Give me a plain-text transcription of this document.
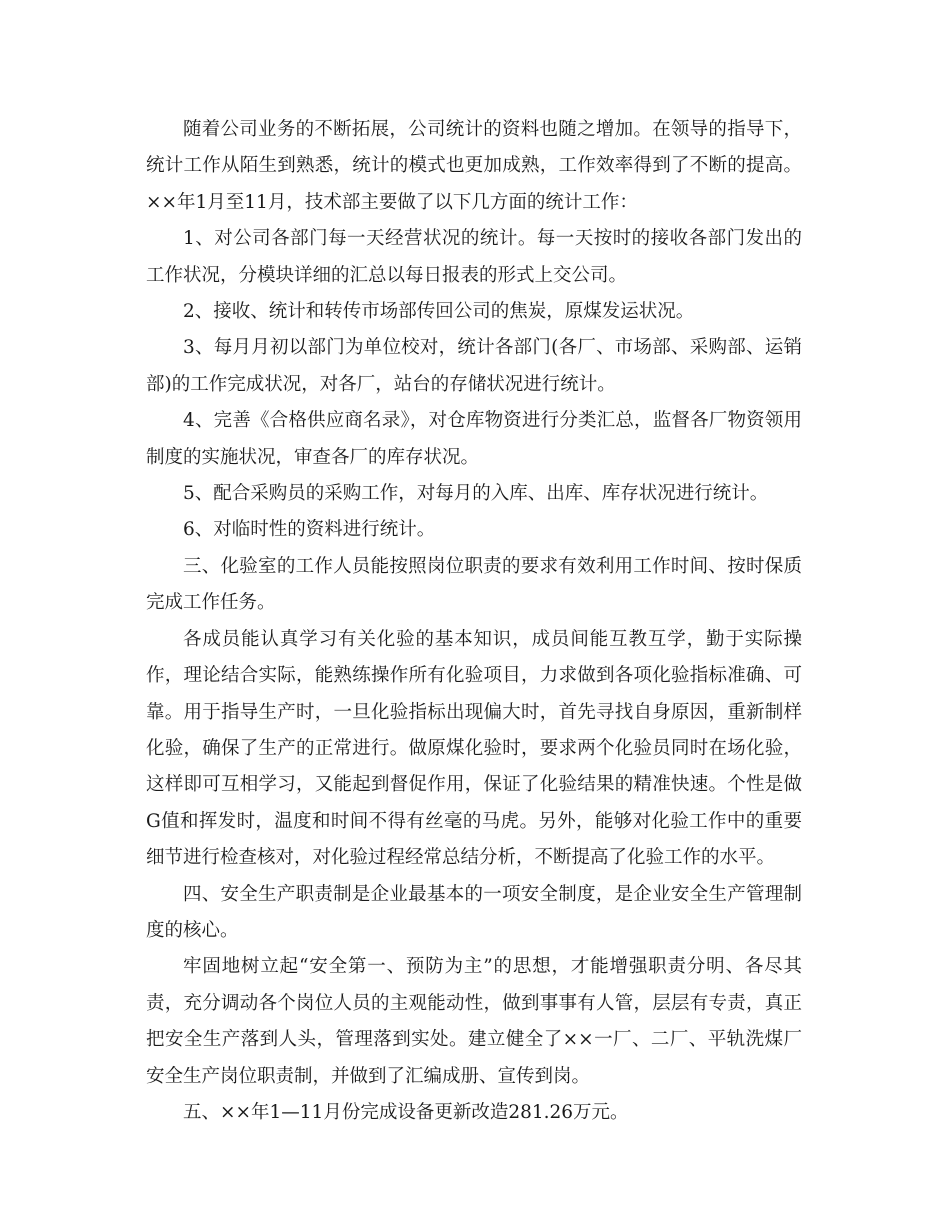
随着公司业务的不断拓展，公司统计的资料也随之增加。在领导的指导下，统计工作从陌生到熟悉，统计的模式也更加成熟，工作效率得到了不断的提高。××年1月至11月，技术部主要做了以下几方面的统计工作：

1、对公司各部门每一天经营状况的统计。每一天按时的接收各部门发出的工作状况，分模块详细的汇总以每日报表的形式上交公司。

2、接收、统计和转传市场部传回公司的焦炭，原煤发运状况。

3、每月月初以部门为单位校对，统计各部门(各厂、市场部、采购部、运销部)的工作完成状况，对各厂，站台的存储状况进行统计。

4、完善《合格供应商名录》，对仓库物资进行分类汇总，监督各厂物资领用制度的实施状况，审查各厂的库存状况。

5、配合采购员的采购工作，对每月的入库、出库、库存状况进行统计。

6、对临时性的资料进行统计。

三、化验室的工作人员能按照岗位职责的要求有效利用工作时间、按时保质完成工作任务。

各成员能认真学习有关化验的基本知识，成员间能互教互学，勤于实际操作，理论结合实际，能熟练操作所有化验项目，力求做到各项化验指标准确、可靠。用于指导生产时，一旦化验指标出现偏大时，首先寻找自身原因，重新制样化验，确保了生产的正常进行。做原煤化验时，要求两个化验员同时在场化验，这样即可互相学习，又能起到督促作用，保证了化验结果的精准快速。个性是做G值和挥发时，温度和时间不得有丝毫的马虎。另外，能够对化验工作中的重要细节进行检查核对，对化验过程经常总结分析，不断提高了化验工作的水平。

四、安全生产职责制是企业最基本的一项安全制度，是企业安全生产管理制度的核心。

牢固地树立起“安全第一、预防为主”的思想，才能增强职责分明、各尽其责，充分调动各个岗位人员的主观能动性，做到事事有人管，层层有专责，真正把安全生产落到人头，管理落到实处。建立健全了××一厂、二厂、平轨洗煤厂安全生产岗位职责制，并做到了汇编成册、宣传到岗。

五、××年1—11月份完成设备更新改造281.26万元。
